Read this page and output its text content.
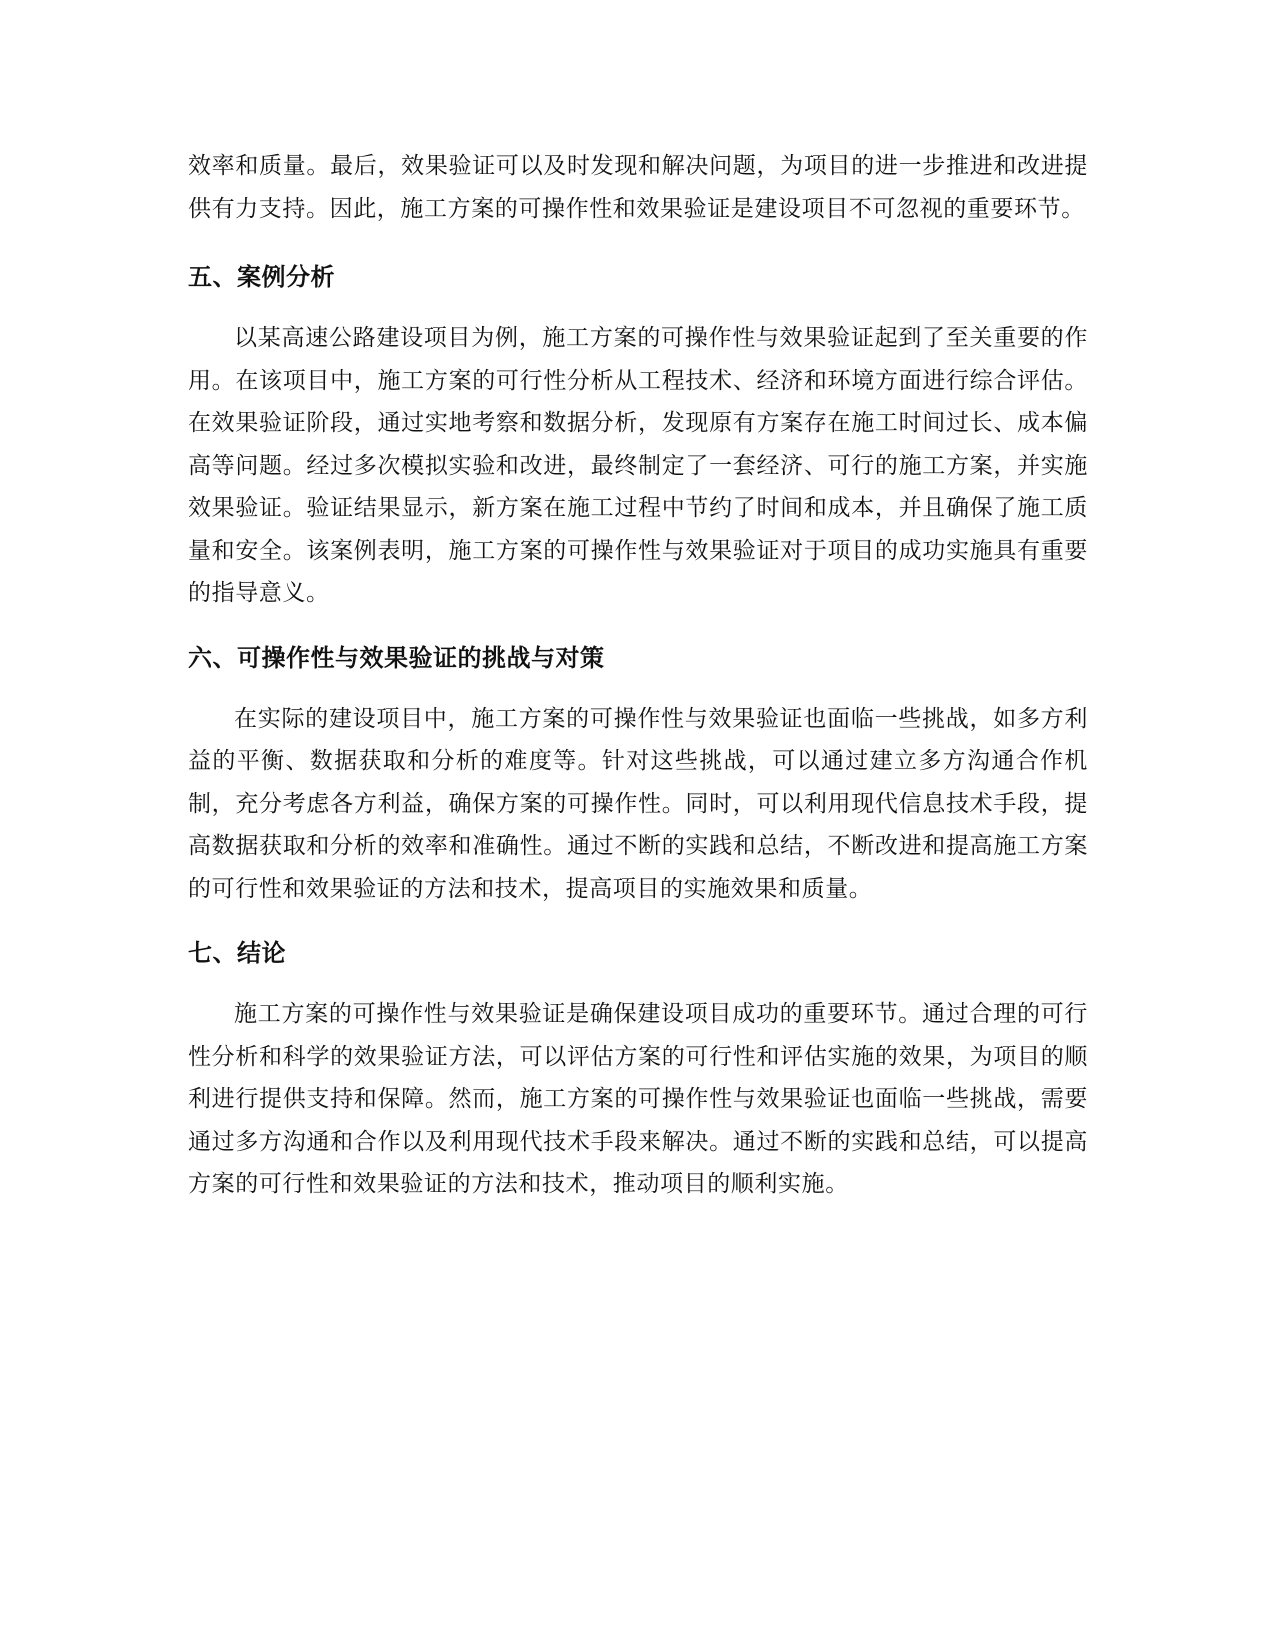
效率和质量。最后，效果验证可以及时发现和解决问题，为项目的进一步推进和改进提供有力支持。因此，施工方案的可操作性和效果验证是建设项目不可忽视的重要环节。

五、案例分析

以某高速公路建设项目为例，施工方案的可操作性与效果验证起到了至关重要的作用。在该项目中，施工方案的可行性分析从工程技术、经济和环境方面进行综合评估。在效果验证阶段，通过实地考察和数据分析，发现原有方案存在施工时间过长、成本偏高等问题。经过多次模拟实验和改进，最终制定了一套经济、可行的施工方案，并实施效果验证。验证结果显示，新方案在施工过程中节约了时间和成本，并且确保了施工质量和安全。该案例表明，施工方案的可操作性与效果验证对于项目的成功实施具有重要的指导意义。

六、可操作性与效果验证的挑战与对策

在实际的建设项目中，施工方案的可操作性与效果验证也面临一些挑战，如多方利益的平衡、数据获取和分析的难度等。针对这些挑战，可以通过建立多方沟通合作机制，充分考虑各方利益，确保方案的可操作性。同时，可以利用现代信息技术手段，提高数据获取和分析的效率和准确性。通过不断的实践和总结，不断改进和提高施工方案的可行性和效果验证的方法和技术，提高项目的实施效果和质量。

七、结论

施工方案的可操作性与效果验证是确保建设项目成功的重要环节。通过合理的可行性分析和科学的效果验证方法，可以评估方案的可行性和评估实施的效果，为项目的顺利进行提供支持和保障。然而，施工方案的可操作性与效果验证也面临一些挑战，需要通过多方沟通和合作以及利用现代技术手段来解决。通过不断的实践和总结，可以提高方案的可行性和效果验证的方法和技术，推动项目的顺利实施。
